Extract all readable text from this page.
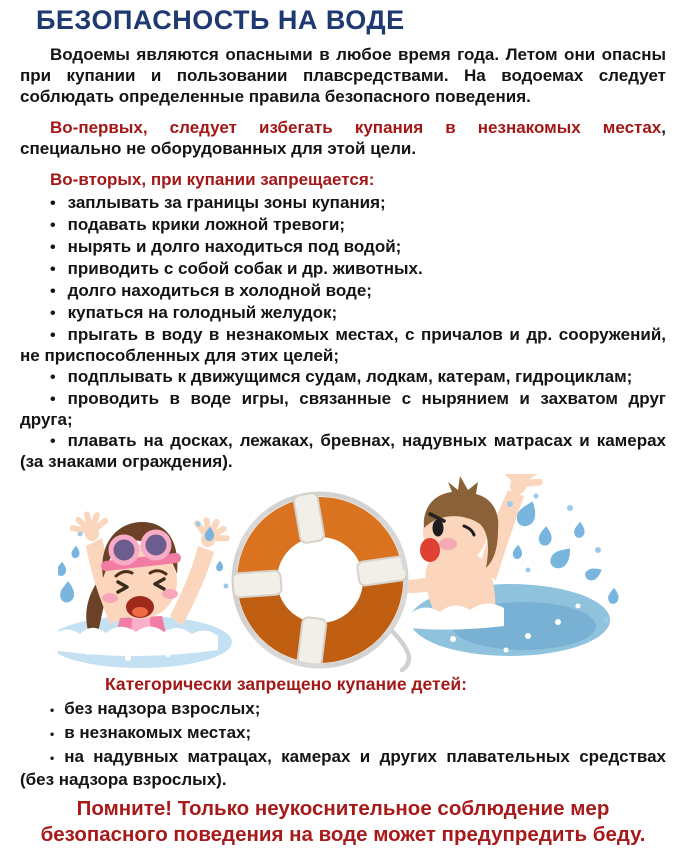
БЕЗОПАСНОСТЬ НА ВОДЕ

Водоемы являются опасными в любое время года. Летом они опасны при купании и пользовании плавсредствами. На водоемах следует соблюдать определенные правила безопасного поведения.

Во-первых, следует избегать купания в незнакомых местах, специально не оборудованных для этой цели.

Во-вторых, при купании запрещается:

• заплывать за границы зоны купания;

• подавать крики ложной тревоги;

• нырять и долго находиться под водой;

• приводить с собой собак и др. животных.

• долго находиться в холодной воде;

• купаться на голодный желудок;

• прыгать в воду в незнакомых местах, с причалов и др. сооружений, не приспособленных для этих целей;

• подплывать к движущимся судам, лодкам, катерам, гидроциклам;

• проводить в воде игры, связанные с нырянием и захватом друг друга;

• плавать на досках, лежаках, бревнах, надувных матрасах и камерах (за знаками ограждения).

Категорически запрещено купание детей:

• без надзора взрослых;

• в незнакомых местах;

• на надувных матрацах, камерах и других плавательных средствах (без надзора взрослых).

Помните! Только неукоснительное соблюдение мер
безопасного поведения на воде может предупредить беду.
